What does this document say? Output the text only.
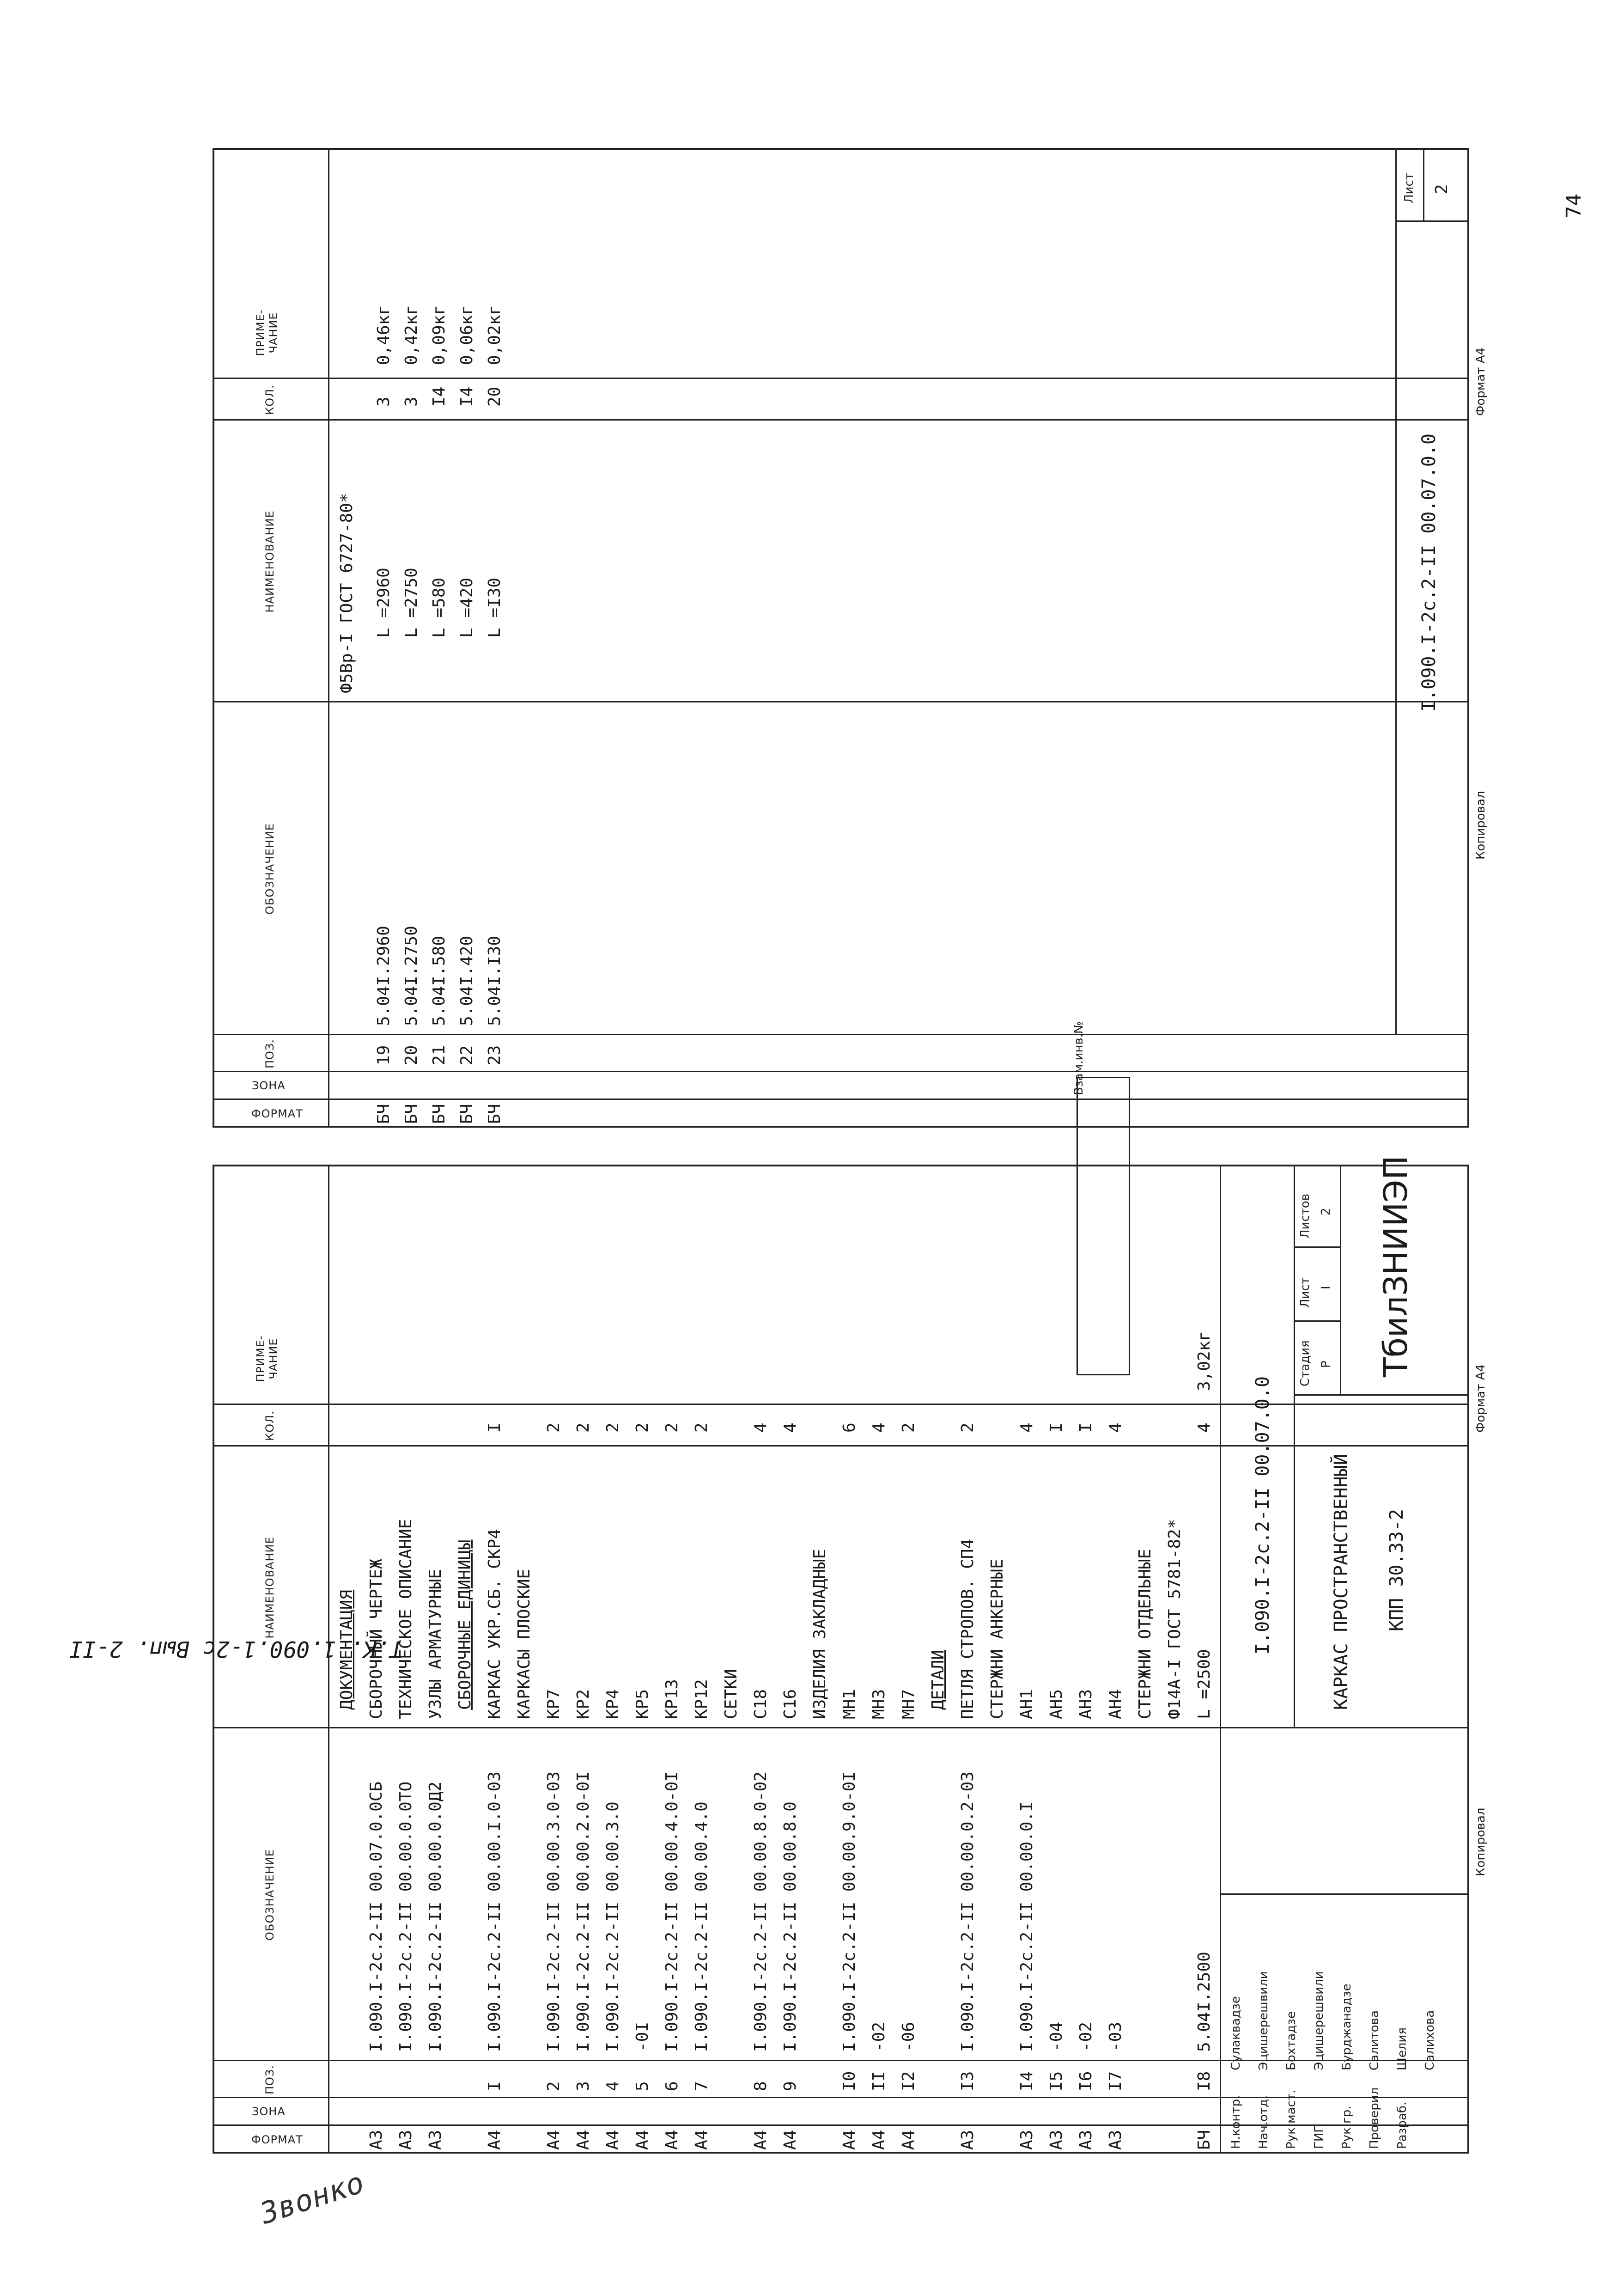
74
Т.К. 1.090.1-2с Вып. 2-II
Звонко
ФОРМАТ
ЗОНА
ПОЗ.
ОБОЗНАЧЕНИЕ
НАИМЕНОВАНИЕ
КОЛ.
ПРИМЕ-
ЧАНИЕ
Ф5Вр-I ГОСТ 6727-80*
БЧ
19
5.04I.2960
L =2960
3
0,46кг
БЧ
20
5.04I.2750
L =2750
3
0,42кг
БЧ
21
5.04I.580
L =580
I4
0,09кг
БЧ
22
5.04I.420
L =420
I4
0,06кг
БЧ
23
5.04I.I30
L =I30
20
0,02кг
I.090.I-2с.2-II 00.07.0.0
Лист 2
Копировал
Формат А4
Взам.инв.№
ФОРМАТ
ЗОНА
ПОЗ.
ОБОЗНАЧЕНИЕ
НАИМЕНОВАНИЕ
КОЛ.
ПРИМЕ-
ЧАНИЕ
ДОКУМЕНТАЦИЯ
А3
I.090.I-2с.2-II 00.07.0.0СБ
СБОРОЧНЫЙ ЧЕРТЕЖ
А3
I.090.I-2с.2-II 00.00.0.0ТО
ТЕХНИЧЕСКОЕ ОПИСАНИЕ
А3
I.090.I-2с.2-II 00.00.0.0Д2
УЗЛЫ АРМАТУРНЫЕ СБОРОЧНЫЕ ЕДИНИЦЫ
А4
I
I.090.I-2с.2-II 00.00.I.0-03
КАРКАС УКР.СБ. СКР4
I
КАРКАСЫ ПЛОСКИЕ
А4
2
I.090.I-2с.2-II 00.00.3.0-03
КР7
2
А4
3
I.090.I-2с.2-II 00.00.2.0-0I
КР2
2
А4
4
I.090.I-2с.2-II 00.00.3.0
КР4
2
А4
5
-0I
КР5
2
А4
6
I.090.I-2с.2-II 00.00.4.0-0I
КР13
2
А4
7
I.090.I-2с.2-II 00.00.4.0
КР12
2
СЕТКИ
А4
8
I.090.I-2с.2-II 00.00.8.0-02
С18
4
А4
9
I.090.I-2с.2-II 00.00.8.0
С16
4
ИЗДЕЛИЯ ЗАКЛАДНЫЕ
А4
I0
I.090.I-2с.2-II 00.00.9.0-0I
МН1
6
А4
II
-02
МН3
4
А4
I2
-06
МН7
2
ДЕТАЛИ
А3
I3
I.090.I-2с.2-II 00.00.0.2-03
ПЕТЛЯ СТРОПОВ. СП4
2
СТЕРЖНИ АНКЕРНЫЕ
А3
I4
I.090.I-2с.2-II 00.00.0.I
АН1
4
А3
I5
-04
АН5
I
А3
I6
-02
АН3
I
А3
I7
-03
АН4
4
СТЕРЖНИ ОТДЕЛЬНЫЕ Ф14А-I ГОСТ 5781-82*
БЧ
I8
5.04I.2500
L =2500
4
3,02кг
I.090.I-2с.2-II 00.07.0.0	КАРКАС ПРОСТРАНСТВЕННЫЙ КПП 30.33-2
Стадия
Лист
Листов
Р
I
2 ТбилЗНИИЭП
Н.контр.
Сулаквадзе
Нач.отд.
Эцишерешвили
Рук.маст.
Бохтадзе
ГИП
Эцишерешвили
Рук.гр.
Бурджанадзе
Проверил
Салитова
Разраб.
Шелия Салихова
Копировал
Формат А4
